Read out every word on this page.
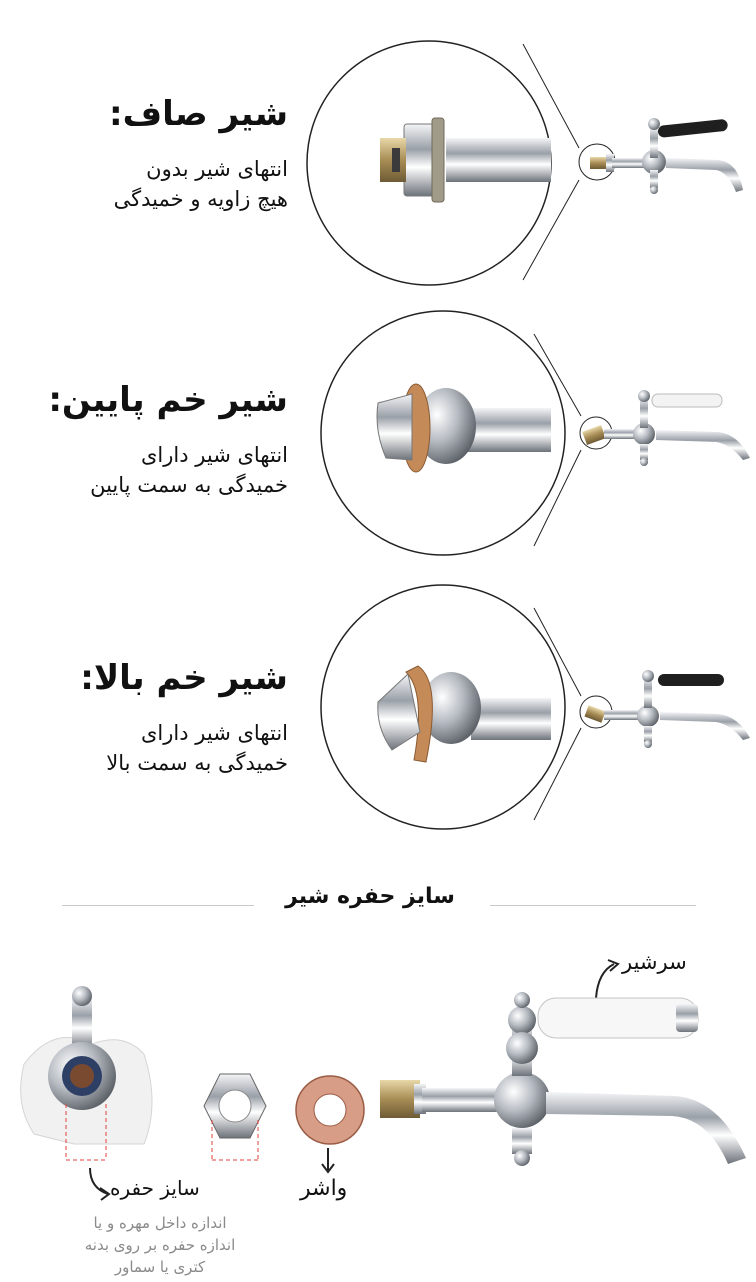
شیر صاف:
انتهای شیر بدون
هیچ زاویه و خمیدگی
شیر خم پایین:
انتهای شیر دارای
خمیدگی به سمت پایین
شیر خم بالا:
انتهای شیر دارای
خمیدگی به سمت بالا
سایز حفره شیر
سرشیر
واشر
سایز حفره
اندازه داخل مهره و یا
اندازه حفره بر روی بدنه
کتری یا سماور
